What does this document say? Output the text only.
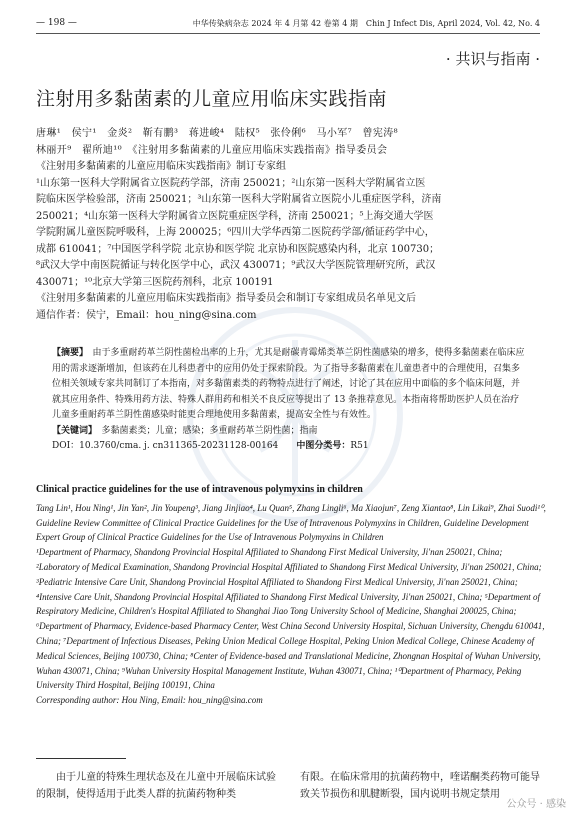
— 198 —	中华传染病杂志 2024 年 4 月第 42 卷第 4 期　Chin J Infect Dis, April 2024, Vol. 42, No. 4
· 共识与指南 ·
注射用多黏菌素的儿童应用临床实践指南

唐琳¹　侯宁¹　金炎²　靳有鹏³　蒋进峻⁴　陆权⁵　张伶俐⁶　马小军⁷　曾宪涛⁸

林丽开⁹　翟所迪¹⁰　《注射用多黏菌素的儿童应用临床实践指南》指导委员会

《注射用多黏菌素的儿童应用临床实践指南》制订专家组

¹山东第一医科大学附属省立医院药学部，济南 250021；²山东第一医科大学附属省立医

院临床医学检验部，济南 250021；³山东第一医科大学附属省立医院小儿重症医学科，济南

250021；⁴山东第一医科大学附属省立医院重症医学科，济南 250021；⁵上海交通大学医

学院附属儿童医院呼吸科，上海 200025；⁶四川大学华西第二医院药学部/循证药学中心，

成都 610041；⁷中国医学科学院 北京协和医学院 北京协和医院感染内科，北京 100730；

⁸武汉大学中南医院循证与转化医学中心，武汉 430071；⁹武汉大学医院管理研究所，武汉

430071；¹⁰北京大学第三医院药剂科，北京 100191

《注射用多黏菌素的儿童应用临床实践指南》指导委员会和制订专家组成员名单见文后

通信作者：侯宁，Email：hou_ning@sina.com

【摘要】　由于多重耐药革兰阴性菌检出率的上升，尤其是耐碳青霉烯类革兰阴性菌感染的增多，使得多黏菌素在临床应用的需求逐渐增加，但该药在儿科患者中的应用仍处于探索阶段。为了指导多黏菌素在儿童患者中的合理使用，召集多位相关领域专家共同制订了本指南，对多黏菌素类的药物特点进行了阐述，讨论了其在应用中面临的多个临床问题，并就其应用条件、特殊用药方法、特殊人群用药和相关不良反应等提出了 13 条推荐意见。本指南将帮助医护人员在治疗儿童多重耐药革兰阴性菌感染时能更合理地使用多黏菌素，提高安全性与有效性。

【关键词】　多黏菌素类；儿童；感染；多重耐药革兰阴性菌；指南

DOI：10.3760/cma. j. cn311365-20231128-00164　　 中图分类号：R51

Clinical practice guidelines for the use of intravenous polymyxins in children

Tang Lin¹, Hou Ning¹, Jin Yan², Jin Youpeng³, Jiang Jinjiao⁴, Lu Quan⁵, Zhang Lingli⁶, Ma Xiaojun⁷, Zeng Xiantao⁸, Lin Likai⁹, Zhai Suodi¹⁰, Guideline Review Committee of Clinical Practice Guidelines for the Use of Intravenous Polymyxins in Children, Guideline Development Expert Group of Clinical Practice Guidelines for the Use of Intravenous Polymyxins in Children

¹Department of Pharmacy, Shandong Provincial Hospital Affiliated to Shandong First Medical University, Ji'nan 250021, China; ²Laboratory of Medical Examination, Shandong Provincial Hospital Affiliated to Shandong First Medical University, Ji'nan 250021, China; ³Pediatric Intensive Care Unit, Shandong Provincial Hospital Affiliated to Shandong First Medical University, Ji'nan 250021, China; ⁴Intensive Care Unit, Shandong Provincial Hospital Affiliated to Shandong First Medical University, Ji'nan 250021, China; ⁵Department of Respiratory Medicine, Children's Hospital Affiliated to Shanghai Jiao Tong University School of Medicine, Shanghai 200025, China; ⁶Department of Pharmacy, Evidence-based Pharmacy Center, West China Second University Hospital, Sichuan University, Chengdu 610041, China; ⁷Department of Infectious Diseases, Peking Union Medical College Hospital, Peking Union Medical College, Chinese Academy of Medical Sciences, Beijing 100730, China; ⁸Center of Evidence-based and Translational Medicine, Zhongnan Hospital of Wuhan University, Wuhan 430071, China; ⁹Wuhan University Hospital Management Institute, Wuhan 430071, China; ¹⁰Department of Pharmacy, Peking University Third Hospital, Beijing 100191, China

Corresponding author: Hou Ning, Email: hou_ning@sina.com

由于儿童的特殊生理状态及在儿童中开展临床试验的限制，使得适用于此类人群的抗菌药物种类

有限。在临床常用的抗菌药物中，喹诺酮类药物可能导致关节损伤和肌腱断裂，国内说明书规定禁用

公众号 · 感染
